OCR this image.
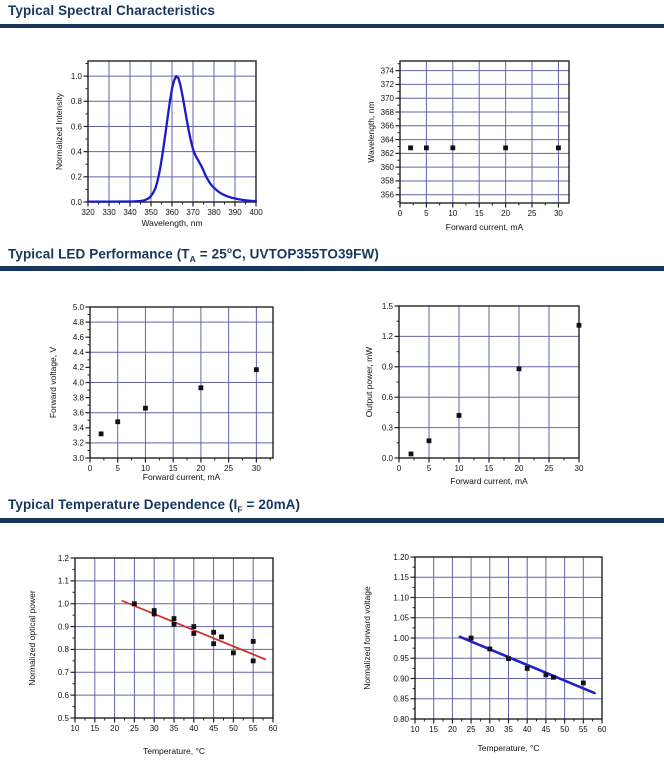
320 330 340 350 360 370 380 390 400
0.0
0.2
0.4
0.6
0.8
1.0
Wavelength, nm
Normalized Intensity
0	5 10 15 20 25 30
356
358
360
362
364
366
368
370
372
374
Forward current, mA
Wavelength, nm
0	5	10 15 20 25 30
3.0
3.2
3.4
3.6
3.8
4.0
4.2
4.4
4.6
4.8
5.0
Forward current, mA
Forward voltage, V
0	5	10	15	20	25	30
0.0
0.3
0.6
0.9
1.2
1.5
Forward current, mA
Output power, mW
10 15 20 25 30 35 40 45 50 55 60
0.5
0.6
0.7
0.8
0.9
1.0
1.1
1.2
Temperature, °C
Normalized optical power
10 15 20 25 30 35 40 45 50 55 60
0.80
0.85
0.90
0.95
1.00
1.05
1.10
1.15
1.20
Temperature, °C
Normalized forward voltage
Typical Spectral Characteristics
Typical LED Performance ($T_A = 25^oC$, UVTOP355TO39FW)
Typical Temperature Dependence $(I_F = 20mA)$
